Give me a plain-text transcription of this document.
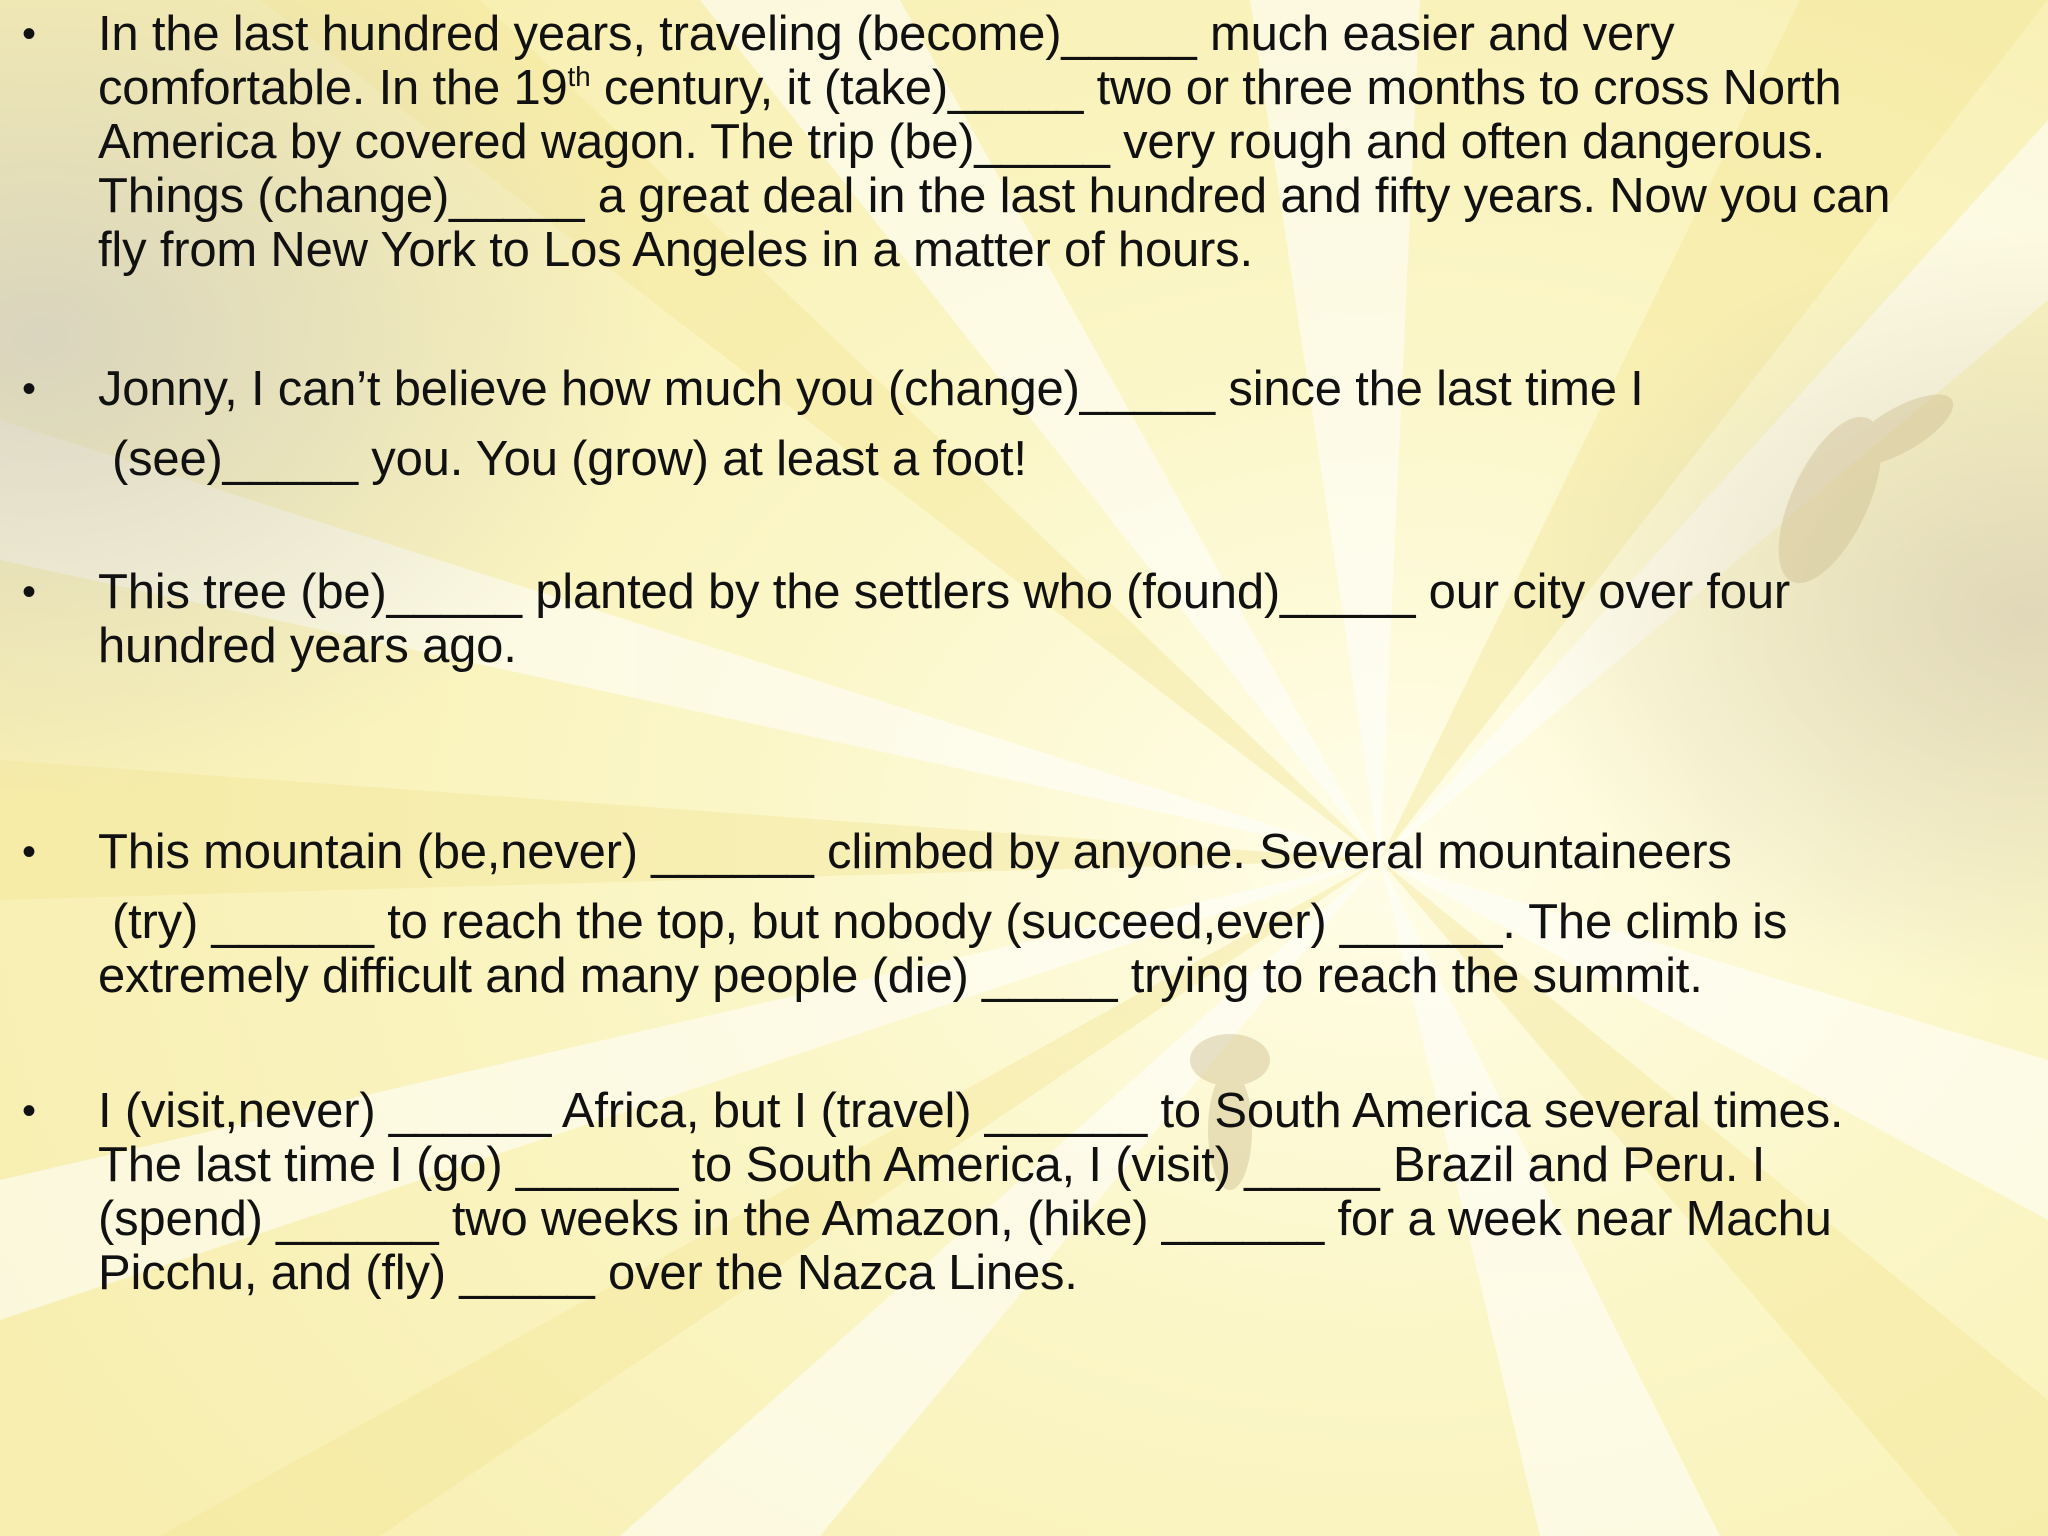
• In the last hundred years, traveling (become)_____ much easier and very
comfortable. In the 19th century, it (take)_____ two or three months to cross North
America by covered wagon. The trip (be)_____ very rough and often dangerous.
Things (change)_____ a great deal in the last hundred and fifty years. Now you can
fly from New York to Los Angeles in a matter of hours.
• Jonny, I can’t believe how much you (change)_____ since the last time I
(see)_____ you. You (grow) at least a foot!
• This tree (be)_____ planted by the settlers who (found)_____ our city over four
hundred years ago.
• This mountain (be,never) ______ climbed by anyone. Several mountaineers
(try) ______ to reach the top, but nobody (succeed,ever) ______. The climb is
extremely difficult and many people (die) _____ trying to reach the summit.
• I (visit,never) ______ Africa, but I (travel) ______ to South America several times.
The last time I (go) ______ to South America, I (visit) _____ Brazil and Peru. I
(spend) ______ two weeks in the Amazon, (hike) ______ for a week near Machu
Picchu, and (fly) _____ over the Nazca Lines.
